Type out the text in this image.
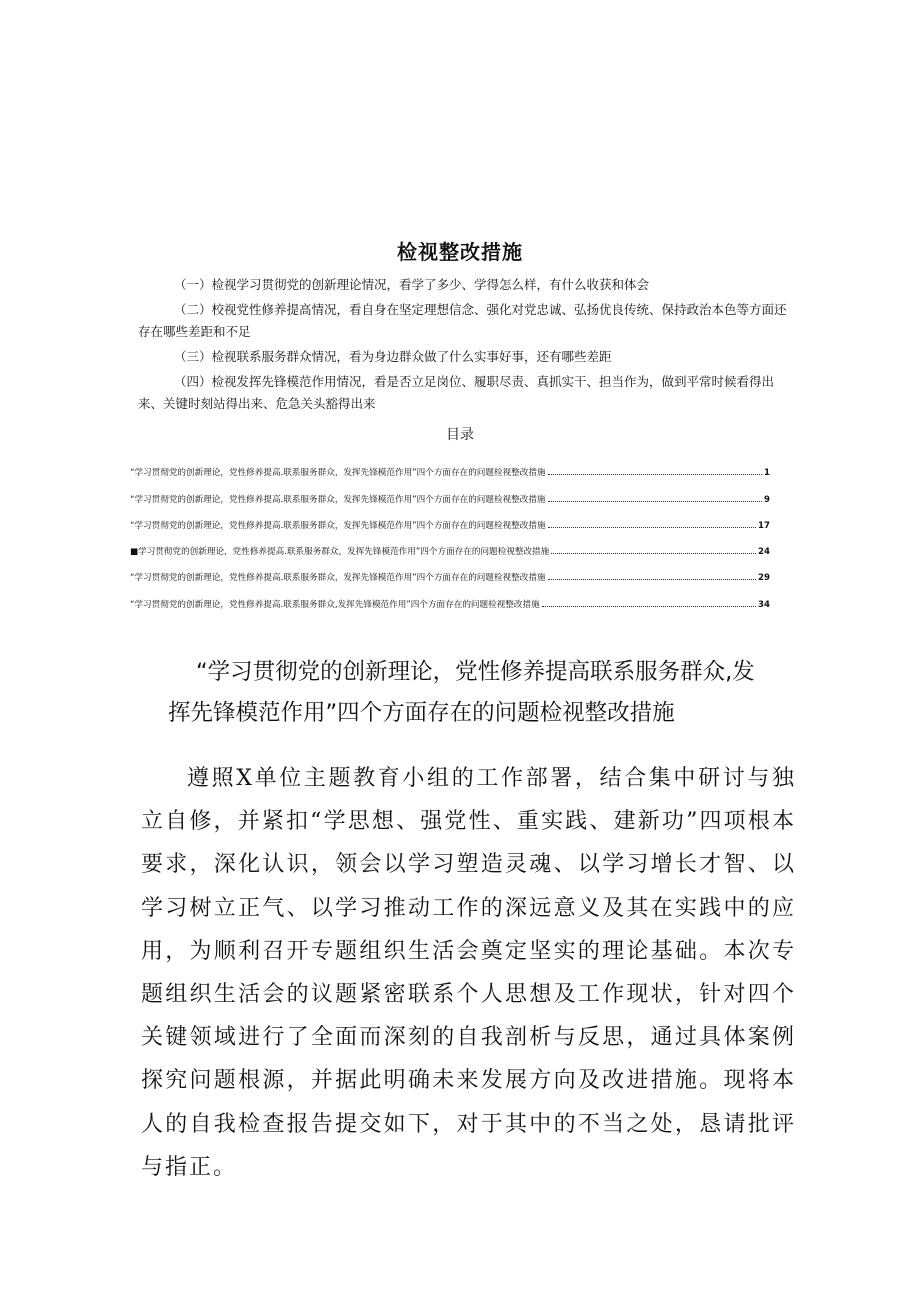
检视整改措施

（一）检视学习贯彻党的创新理论情况，看学了多少、学得怎么样，有什么收获和体会

（二）校视党性修养提高情况，看自身在坚定理想信念、强化对党忠诚、弘扬优良传统、保持政治本色等方面还存在哪些差距和不足

（三）检视联系服务群众情况，看为身边群众做了什么实事好事，还有哪些差距

（四）检视发挥先锋模范作用情况，看是否立足岗位、履职尽责、真抓实干、担当作为，做到平常时候看得出来、关键时刻站得出来、危急关头豁得出来

目录
“学习贯彻党的创新理论，党性修养提高.联系服务群众，发挥先锋模范作用”四个方面存在的问题检视整改措施	1
“学习贯彻党的创新理论，党性修养提高.联系服务群众，发挥先锋模范作用”四个方面存在的问题检视整改措施	9
“学习贯彻党的创新理论，党性修养提高.联系服务群众，发挥先锋模范作用”四个方面存在的问题检视整改措施	17
■学习贯彻党的创新理论，党性修养提高.联系服务群众，发挥先锋模范作用”四个方面存在的问题检视整改措施	24
“学习贯彻党的创新理论，党性修养提高.联系服务群众，发挥先锋模范作用”四个方面存在的问题检视整改措施	29
“学习贯彻党的创新理论，党性修养提高.联系服务群众,发挥先锋模范作用”四个方面存在的问题检视整改措施	34
“学习贯彻党的创新理论，党性修养提高联系服务群众,发
挥先锋模范作用”四个方面存在的问题检视整改措施
遵照X单位主题教育小组的工作部署，结合集中研讨与独立自修，并紧扣“学思想、强党性、重实践、建新功”四项根本要求，深化认识，领会以学习塑造灵魂、以学习增长才智、以学习树立正气、以学习推动工作的深远意义及其在实践中的应用，为顺利召开专题组织生活会奠定坚实的理论基础。本次专题组织生活会的议题紧密联系个人思想及工作现状，针对四个关键领域进行了全面而深刻的自我剖析与反思，通过具体案例探究问题根源，并据此明确未来发展方向及改进措施。现将本人的自我检查报告提交如下，对于其中的不当之处，恳请批评与指正。
